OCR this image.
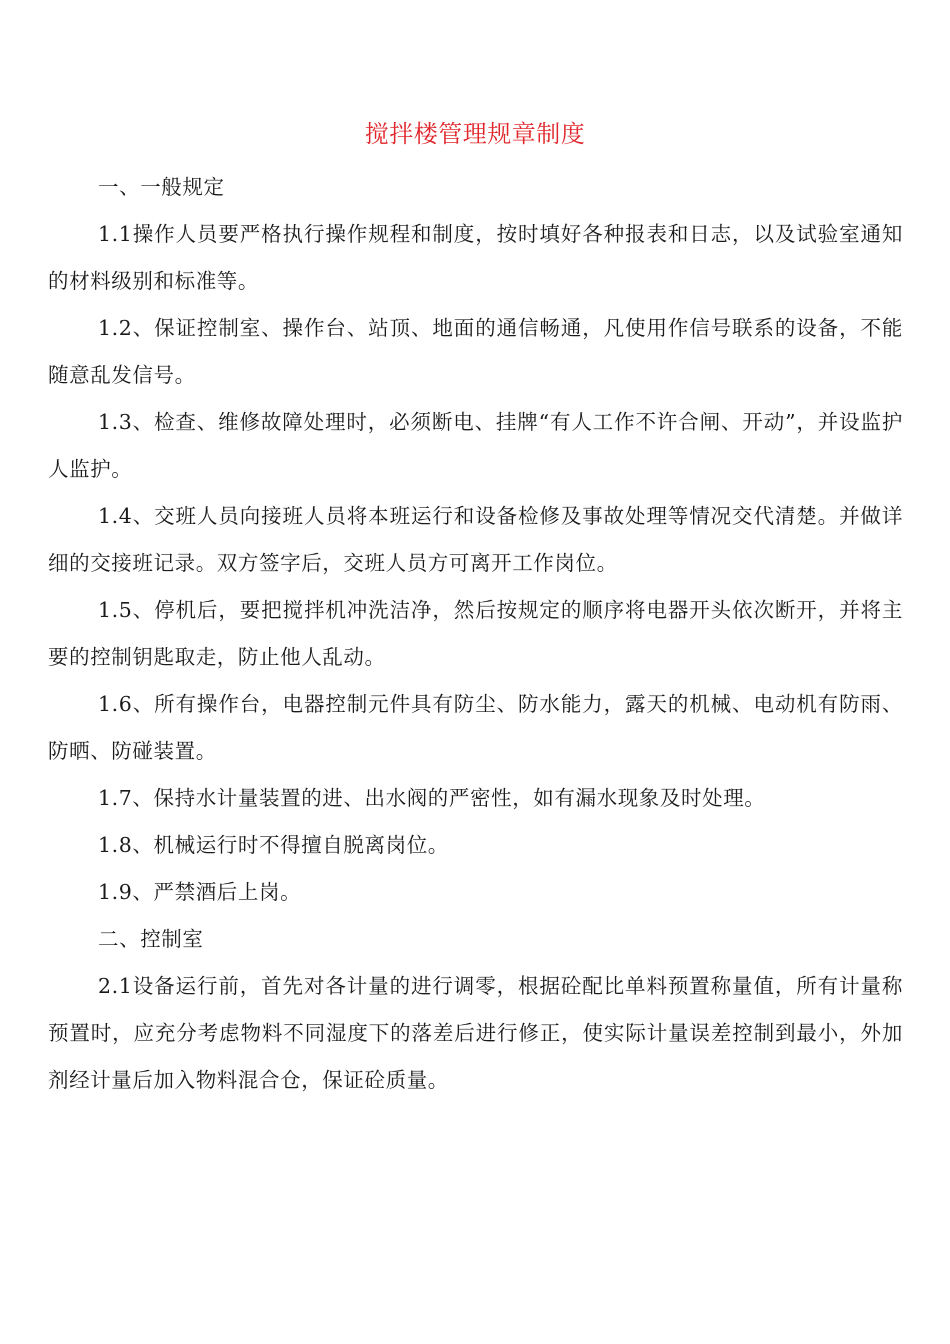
搅拌楼管理规章制度

一、一般规定

1.1操作人员要严格执行操作规程和制度，按时填好各种报表和日志，以及试验室通知的材料级别和标准等。

1.2、保证控制室、操作台、站顶、地面的通信畅通，凡使用作信号联系的设备，不能随意乱发信号。

1.3、检查、维修故障处理时，必须断电、挂牌“有人工作不许合闸、开动”，并设监护人监护。

1.4、交班人员向接班人员将本班运行和设备检修及事故处理等情况交代清楚。并做详细的交接班记录。双方签字后，交班人员方可离开工作岗位。

1.5、停机后，要把搅拌机冲洗洁净，然后按规定的顺序将电器开头依次断开，并将主要的控制钥匙取走，防止他人乱动。

1.6、所有操作台，电器控制元件具有防尘、防水能力，露天的机械、电动机有防雨、防晒、防碰装置。

1.7、保持水计量装置的进、出水阀的严密性，如有漏水现象及时处理。

1.8、机械运行时不得擅自脱离岗位。

1.9、严禁酒后上岗。

二、控制室

2.1设备运行前，首先对各计量的进行调零，根据砼配比单料预置称量值，所有计量称预置时，应充分考虑物料不同湿度下的落差后进行修正，使实际计量误差控制到最小，外加剂经计量后加入物料混合仓，保证砼质量。
